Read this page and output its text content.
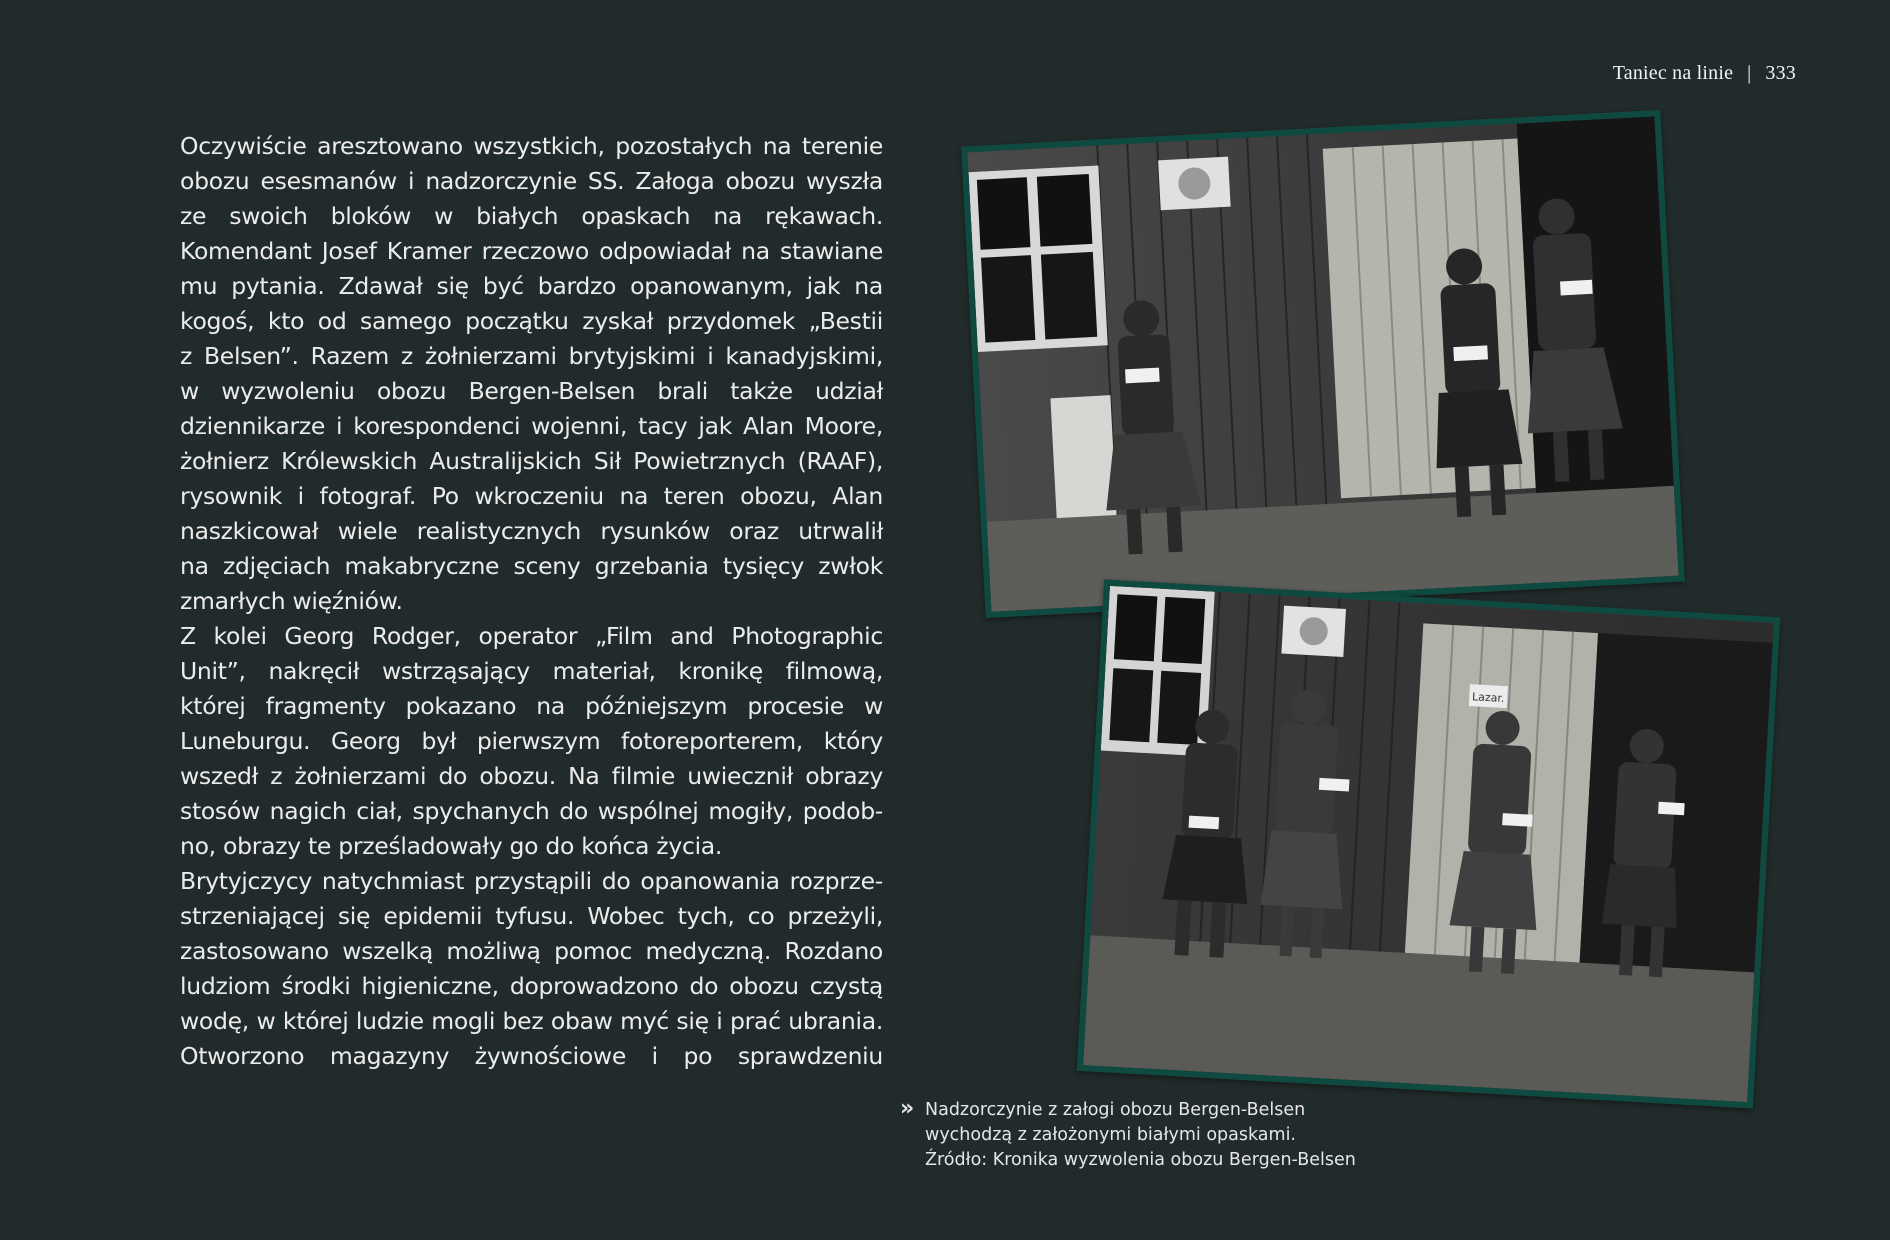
Taniec na linie | 333

Oczywiście aresztowano wszystkich, pozostałych na terenie

obozu esesmanów i nadzorczynie SS. Załoga obozu wyszła

ze swoich bloków w białych opaskach na rękawach.

Komendant Josef Kramer rzeczowo odpowiadał na stawiane

mu pytania. Zdawał się być bardzo opanowanym, jak na

kogoś, kto od samego początku zyskał przydomek „Bestii

z Belsen”. Razem z żołnierzami brytyjskimi i kanadyjskimi,

w wyzwoleniu obozu Bergen-Belsen brali także udział

dziennikarze i korespondenci wojenni, tacy jak Alan Moore,

żołnierz Królewskich Australijskich Sił Powietrznych (RAAF),

rysownik i fotograf. Po wkroczeniu na teren obozu, Alan

naszkicował wiele realistycznych rysunków oraz utrwalił

na zdjęciach makabryczne sceny grzebania tysięcy zwłok

zmarłych więźniów.

Z kolei Georg Rodger, operator „Film and Photographic

Unit”, nakręcił wstrząsający materiał, kronikę filmową,

której fragmenty pokazano na późniejszym procesie w

Luneburgu. Georg był pierwszym fotoreporterem, który

wszedł z żołnierzami do obozu. Na filmie uwiecznił obrazy

stosów nagich ciał, spychanych do wspólnej mogiły, podob-

no, obrazy te prześladowały go do końca życia.

Brytyjczycy natychmiast przystąpili do opanowania rozprze-

strzeniającej się epidemii tyfusu. Wobec tych, co przeżyli,

zastosowano wszelką możliwą pomoc medyczną. Rozdano

ludziom środki higieniczne, doprowadzono do obozu czystą

wodę, w której ludzie mogli bez obaw myć się i prać ubrania.

Otworzono magazyny żywnościowe i po sprawdzeniu

Lazar.
» Nadzorczynie z załogi obozu Bergen-Belsen
wychodzą z założonymi białymi opaskami.
Źródło: Kronika wyzwolenia obozu Bergen-Belsen
